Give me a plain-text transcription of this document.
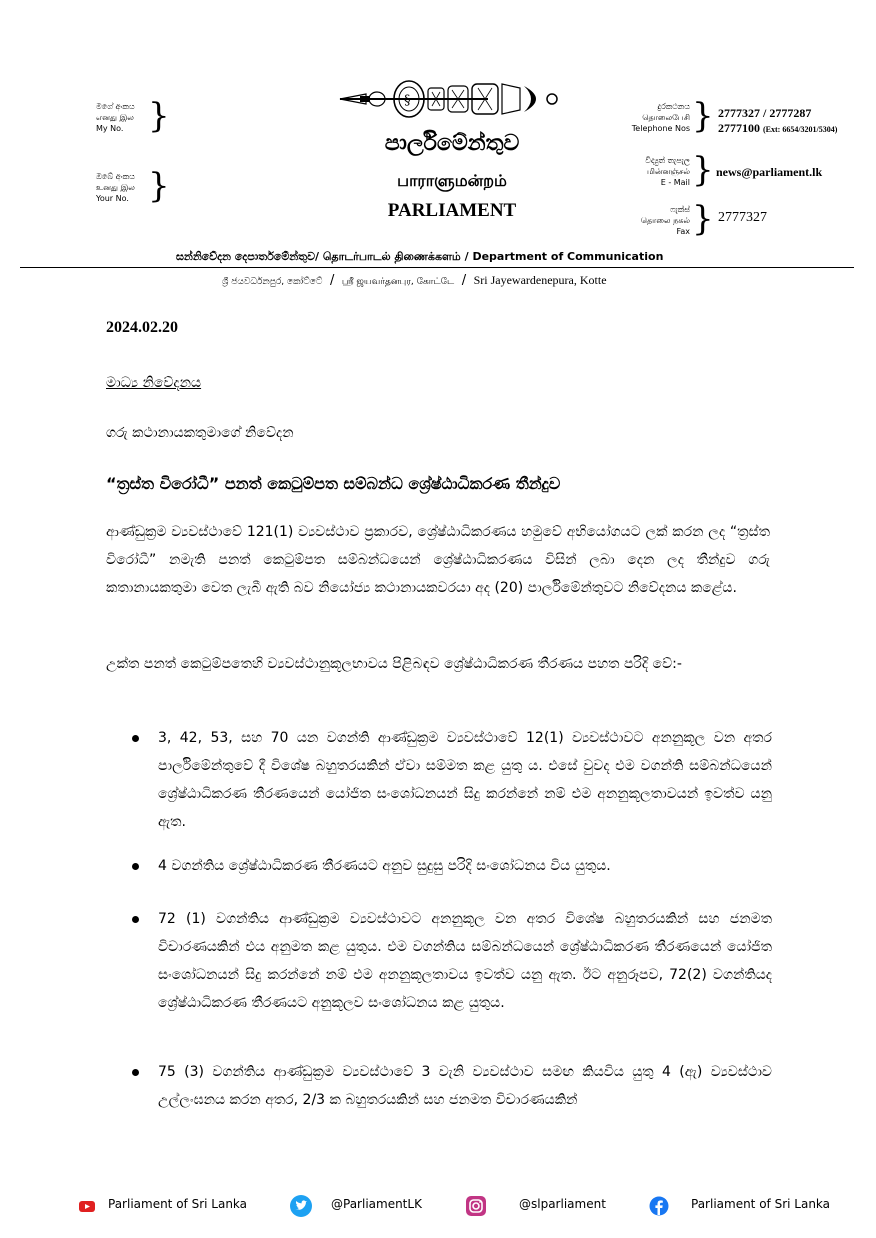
මගේ අංකය
எனது இல
My No. }
ඔබේ අංකය
உனது இல
Your No. }
§
පාර්ලිමේන්තුව
பாராளுமன்றம்
PARLIAMENT
දුරකථනය
தொலைபேசி
Telephone Nos } 2777327 / 2777287
2777100 (Ext: 6654/3201/5304)
විද්‍යුත් තැපැල
மின்னஞ்சல்
E - Mail } news@parliament.lk
ෆැක්ස්
தொலை நகல்
Fax } 2777327
සන්නිවේදන දෙපාර්තමේන්තුව/ தொடர்பாடல் திணைக்களம் / Department of Communication
ශ්‍රී ජයවර්ධනපුර, කෝට්ටේ / ஸ்ரீ ஜயவர்தனபுர, கோட்டே / Sri Jayewardenepura, Kotte
2024.02.20
මාධ්‍ය නිවේදනය
ගරු කථානායකතුමාගේ නිවේදන
“ත්‍රස්ත විරෝධී” පනත් කෙටුම්පත සම්බන්ධ ශ්‍රේෂ්ඨාධිකරණ තීන්දුව
ආණ්ඩුක්‍රම ව්‍යවස්ථාවේ 121(1) ව්‍යවස්ථාව ප්‍රකාරව, ශ්‍රේෂ්ඨාධිකරණය හමුවේ අභියෝගයට ලක් කරන ලද “ත්‍රස්ත විරෝධී” නමැති පනත් කෙටුම්පත සම්බන්ධයෙන් ශ්‍රේෂ්ඨාධිකරණය විසින් ලබා දෙන ලද තීන්දුව ගරු කතානායකතුමා වෙත ලැබී ඇති බව නියෝජ්‍ය කථානායකවරයා අද (20) පාර්ලිමේන්තුවට නිවේදනය කළේය.
උක්ත පනත් කෙටුම්පතෙහි ව්‍යවස්ථානුකූලභාවය පිළිබඳව ශ්‍රේෂ්ඨාධිකරණ තීරණය පහත පරිදි වේ:-
3, 42, 53, සහ 70 යන වගන්ති ආණ්ඩුක්‍රම ව්‍යවස්ථාවේ 12(1) ව්‍යවස්ථාවට අනනුකූල වන අතර පාර්ලිමේන්තුවේ දී විශේෂ බහුතරයකින් ඒවා සම්මත කළ යුතු ය. එසේ වුවද එම වගන්ති සම්බන්ධයෙන් ශ්‍රේෂ්ඨාධිකරණ තීරණයෙන් යෝජිත සංශෝධනයන් සිදු කරන්නේ නම් එම අනනුකූලතාවයන් ඉවත්ව යනු ඇත.
4 වගන්තිය ශ්‍රේෂ්ඨාධිකරණ තීරණයට අනුව සුදුසු පරිදි සංශෝධනය විය යුතුය.
72 (1) වගන්තිය ආණ්ඩුක්‍රම ව්‍යවස්ථාවට අනනුකූල වන අතර විශේෂ බහුතරයකින් සහ ජනමත විචාරණයකින් එය අනුමත කළ යුතුය. එම වගන්තිය සම්බන්ධයෙන් ශ්‍රේෂ්ඨාධිකරණ තීරණයෙන් යෝජිත සංශෝධනයන් සිදු කරන්නේ නම් එම අනනුකූලතාවය ඉවත්ව යනු ඇත. ඊට අනුරූපව, 72(2) වගන්තියද ශ්‍රේෂ්ඨාධිකරණ තීරණයට අනුකූලව සංශෝධනය කළ යුතුය.
75 (3) වගන්තිය ආණ්ඩුක්‍රම ව්‍යවස්ථාවේ 3 වැනි ව්‍යවස්ථාව සමඟ කියවිය යුතු 4 (ඇ) ව්‍යවස්ථාව උල්ලංඝනය කරන අතර, 2/3 ක බහුතරයකින් සහ ජනමත විචාරණයකින්
Parliament of Sri Lanka	@ParliamentLK	@slparliament	Parliament of Sri Lanka
